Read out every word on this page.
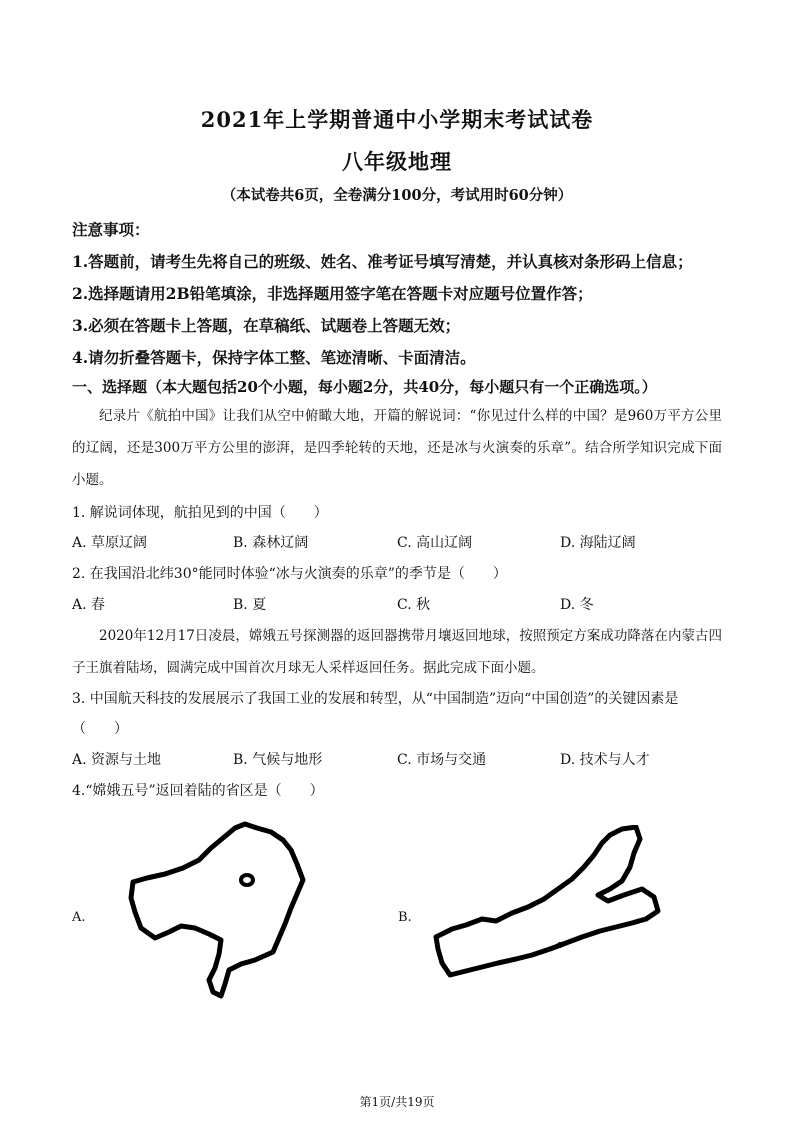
2021年上学期普通中小学期末考试试卷
八年级地理
（本试卷共6页，全卷满分100分，考试用时60分钟）
注意事项：
1.答题前，请考生先将自己的班级、姓名、准考证号填写清楚，并认真核对条形码上信息；
2.选择题请用2B铅笔填涂，非选择题用签字笔在答题卡对应题号位置作答；
3.必须在答题卡上答题，在草稿纸、试题卷上答题无效；
4.请勿折叠答题卡，保持字体工整、笔迹清晰、卡面清洁。
一、选择题（本大题包括20个小题，每小题2分，共40分，每小题只有一个正确选项。）
纪录片《航拍中国》让我们从空中俯瞰大地，开篇的解说词：“你见过什么样的中国？是960万平方公里的辽阔，还是300万平方公里的澎湃，是四季轮转的天地，还是冰与火演奏的乐章”。结合所学知识完成下面小题。
1. 解说词体现，航拍见到的中国（　　）
A. 草原辽阔	B. 森林辽阔	C. 高山辽阔	D. 海陆辽阔
2. 在我国沿北纬30°能同时体验“冰与火演奏的乐章”的季节是（　　）
A. 春	B. 夏	C. 秋	D. 冬
2020年12月17日凌晨，嫦娥五号探测器的返回器携带月壤返回地球，按照预定方案成功降落在内蒙古四子王旗着陆场，圆满完成中国首次月球无人采样返回任务。据此完成下面小题。
3. 中国航天科技的发展展示了我国工业的发展和转型，从“中国制造”迈向“中国创造”的关键因素是
（　　）
A. 资源与土地	B. 气候与地形	C. 市场与交通	D. 技术与人才
4.“嫦娥五号”返回着陆的省区是（　　）
A.	B.
第1页/共19页
